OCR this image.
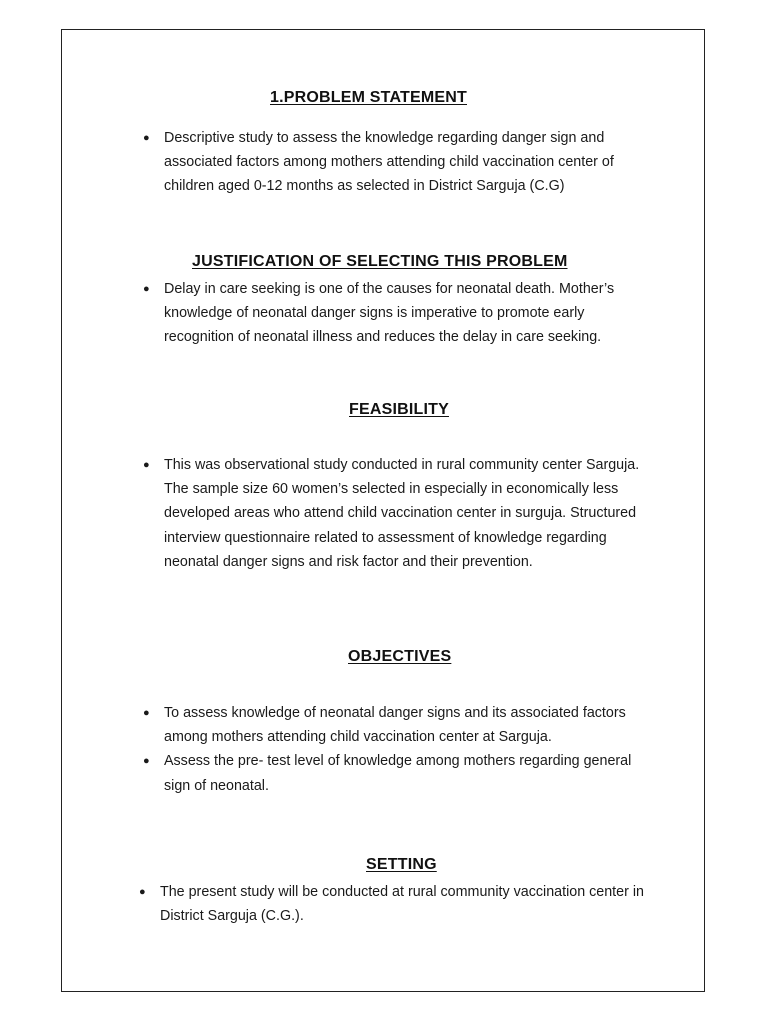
1.PROBLEM STATEMENT
● Descriptive study to assess the knowledge regarding danger sign and associated factors among mothers attending child vaccination center of children aged 0-12 months as selected in District Sarguja (C.G)
JUSTIFICATION OF SELECTING THIS PROBLEM
● Delay in care seeking is one of the causes for neonatal death. Mother’s knowledge of neonatal danger signs is imperative to promote early recognition of neonatal illness and reduces the delay in care seeking.
FEASIBILITY
● This was observational study conducted in rural community center Sarguja. The sample size 60 women’s selected in especially in economically less developed areas who attend child vaccination center in surguja. Structured interview questionnaire related to assessment of knowledge regarding neonatal danger signs and risk factor and their prevention.
OBJECTIVES
● To assess knowledge of neonatal danger signs and its associated factors among mothers attending child vaccination center at Sarguja.
● Assess the pre- test level of knowledge among mothers regarding general sign of neonatal.
SETTING
● The present study will be conducted at rural community vaccination center in District Sarguja (C.G.).
